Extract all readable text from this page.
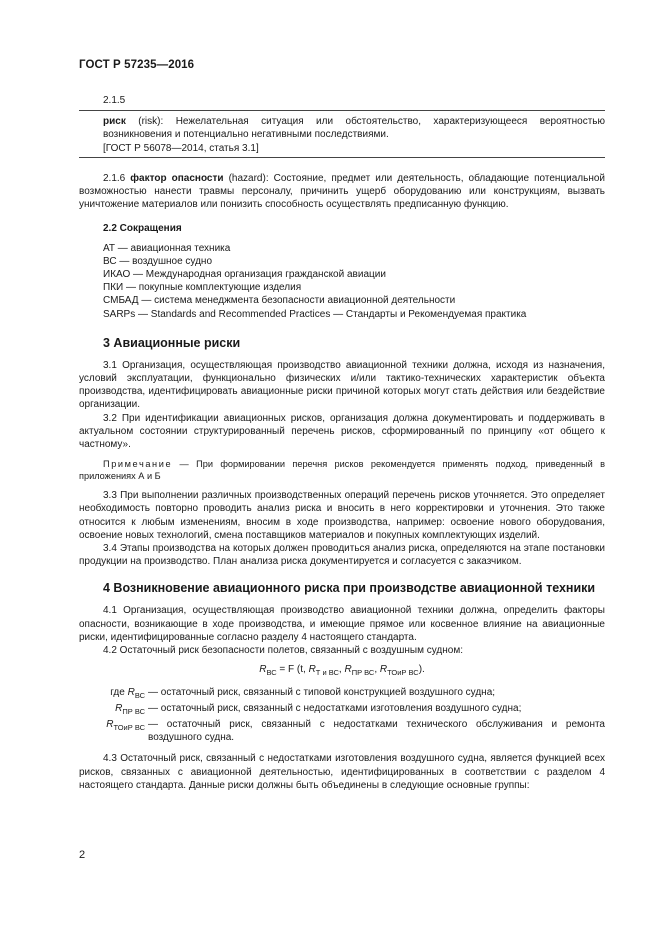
ГОСТ Р 57235—2016

2.1.5

риск (risk): Нежелательная ситуация или обстоятельство, характеризующееся вероятностью возникновения и потенциально негативными последствиями.

[ГОСТ Р 56078—2014, статья 3.1]

2.1.6 фактор опасности (hazard): Состояние, предмет или деятельность, обладающие потенциальной возможностью нанести травмы персоналу, причинить ущерб оборудованию или конструкциям, вызвать уничтожение материалов или понизить способность осуществлять предписанную функцию.

2.2 Сокращения

АТ — авиационная техника

ВС — воздушное судно

ИКАО — Международная организация гражданской авиации

ПКИ — покупные комплектующие изделия

СМБАД — система менеджмента безопасности авиационной деятельности

SARPs — Standards and Recommended Practices — Стандарты и Рекомендуемая практика

3 Авиационные риски

3.1 Организация, осуществляющая производство авиационной техники должна, исходя из назначения, условий эксплуатации, функционально физических и/или тактико-технических характеристик объекта производства, идентифицировать авиационные риски причиной которых могут стать действия или бездействие организации.

3.2 При идентификации авиационных рисков, организация должна документировать и поддерживать в актуальном состоянии структурированный перечень рисков, сформированный по принципу «от общего к частному».

Примечание — При формировании перечня рисков рекомендуется применять подход, приведенный в приложениях А и Б

3.3 При выполнении различных производственных операций перечень рисков уточняется. Это определяет необходимость повторно проводить анализ риска и вносить в него корректировки и уточнения. Это также относится к любым изменениям, вносим в ходе производства, например: освоение нового оборудования, освоение новых технологий, смена поставщиков материалов и покупных комплектующих изделий.

3.4 Этапы производства на которых должен проводиться анализ риска, определяются на этапе постановки продукции на производство. План анализа риска документируется и согласуется с заказчиком.

4 Возникновение авиационного риска при производстве авиационной техники

4.1 Организация, осуществляющая производство авиационной техники должна, определить факторы опасности, возникающие в ходе производства, и имеющие прямое или косвенное влияние на авиационные риски, идентифицированные согласно разделу 4 настоящего стандарта.

4.2 Остаточный риск безопасности полетов, связанный с воздушным судном:

$R_{ВС} = F$ (t, $R_{Т и ВС}$, $R_{ПР ВС}$, $R_{ТОиР ВС}$).
где $R_{ВС}$ — остаточный риск, связанный с типовой конструкцией воздушного судна;
$R_{ПР ВС}$ — остаточный риск, связанный с недостатками изготовления воздушного судна;
$R_{ТОиР ВС}$ — остаточный риск, связанный с недостатками технического обслуживания и ремонта воздушного судна.

4.3 Остаточный риск, связанный с недостатками изготовления воздушного судна, является функцией всех рисков, связанных с авиационной деятельностью, идентифицированных в соответствии с разделом 4 настоящего стандарта. Данные риски должны быть объединены в следующие основные группы:

2
